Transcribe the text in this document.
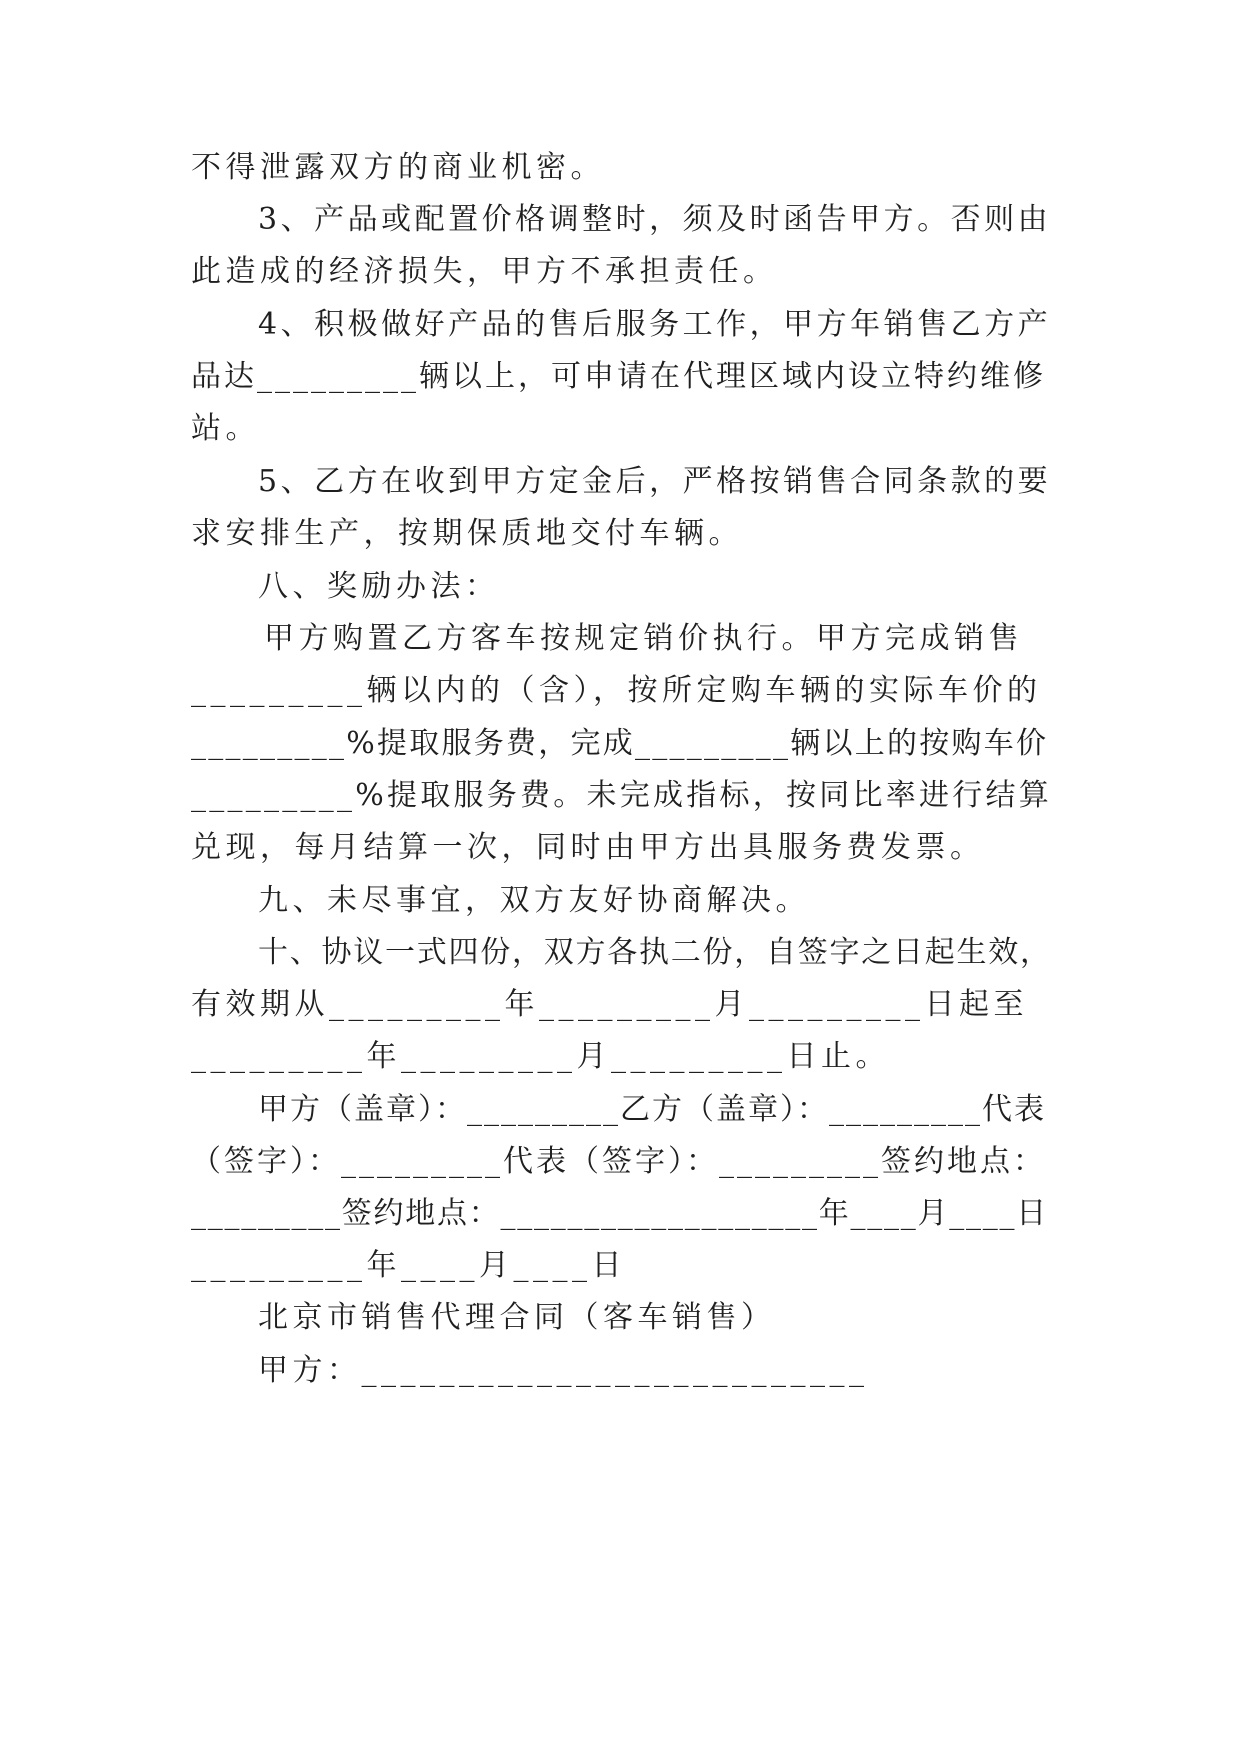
不得泄露双方的商业机密。
3、产品或配置价格调整时，须及时函告甲方。否则由
此造成的经济损失，甲方不承担责任。
4、积极做好产品的售后服务工作，甲方年销售乙方产
品达_________辆以上，可申请在代理区域内设立特约维修
站。
5、乙方在收到甲方定金后，严格按销售合同条款的要
求安排生产，按期保质地交付车辆。
八、奖励办法：
甲方购置乙方客车按规定销价执行。甲方完成销售
_________辆以内的（含），按所定购车辆的实际车价的
_________%提取服务费，完成_________辆以上的按购车价
_________%提取服务费。未完成指标，按同比率进行结算
兑现，每月结算一次，同时由甲方出具服务费发票。
九、未尽事宜，双方友好协商解决。
十、协议一式四份，双方各执二份，自签字之日起生效，
有效期从_________年_________月_________日起至
_________年_________月_________日止。
甲方（盖章）：_________乙方（盖章）：_________代表
（签字）：_________代表（签字）：_________签约地点：
_________签约地点：___________________年____月____日
_________年____月____日
北京市销售代理合同（客车销售）
甲方：__________________________
